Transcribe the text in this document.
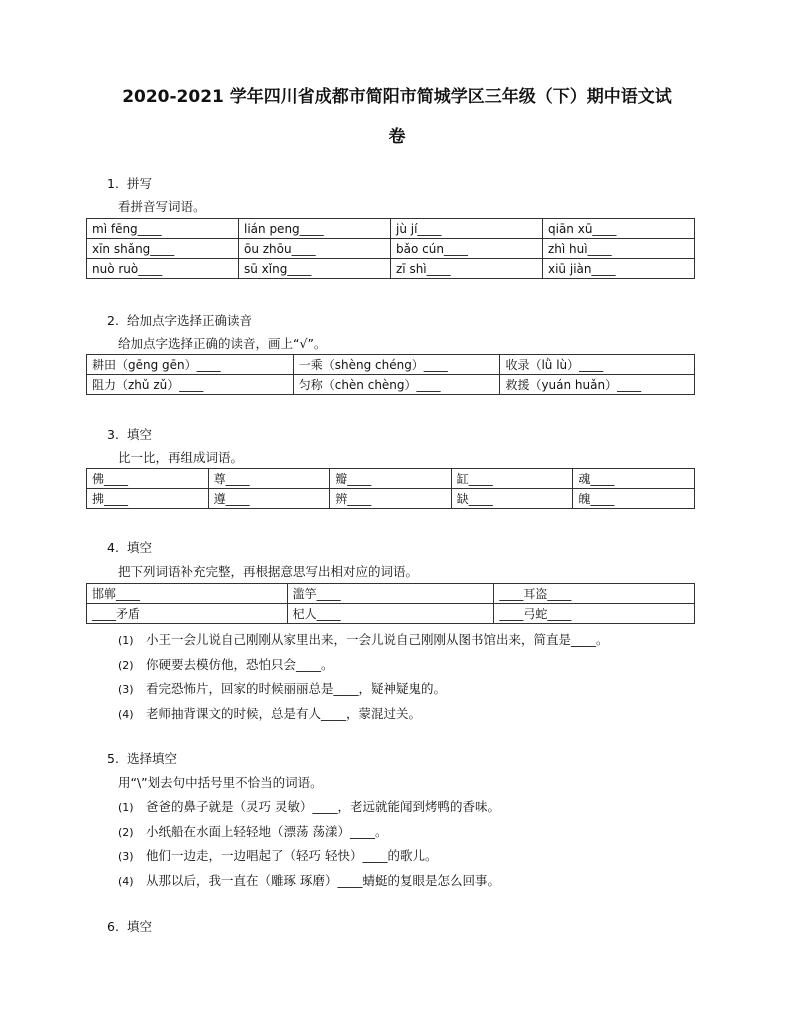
2020-2021 学年四川省成都市简阳市简城学区三年级（下）期中语文试
卷
1. 拼写
看拼音写词语。
mì fēng____	lián peng____	jù jí____	qiān xū____
xīn shǎng____	ōu zhōu____	bǎo cún____	zhì huì____
nuò ruò____	sū xǐng____	zī shì____	xiū jiàn____
2. 给加点字选择正确读音
给加点字选择正确的读音，画上“√”。
耕田（gēng gēn）____	一乘（shèng chéng）____	收录（lǜ lù）____
阻力（zhǔ zǔ）____	匀称（chèn chèng）____	救援（yuán huǎn）____
3. 填空
比一比，再组成词语。
佛____	尊____	瓣____	缸____	魂____
拂____	遵____	辨____	缺____	魄____
4. 填空
把下列词语补充完整，再根据意思写出相对应的词语。
邯郸____	滥竽____	____耳盗____
____矛盾	杞人____	____弓蛇____
(1) 小王一会儿说自己刚刚从家里出来，一会儿说自己刚刚从图书馆出来，简直是____。
(2) 你硬要去模仿他，恐怕只会____。
(3) 看完恐怖片，回家的时候丽丽总是____，疑神疑鬼的。
(4) 老师抽背课文的时候，总是有人____，蒙混过关。
5. 选择填空
用“\”划去句中括号里不恰当的词语。
(1) 爸爸的鼻子就是（灵巧 灵敏）____，老远就能闻到烤鸭的香味。
(2) 小纸船在水面上轻轻地（漂荡 荡漾）____。
(3) 他们一边走，一边唱起了（轻巧 轻快）____的歌儿。
(4) 从那以后，我一直在（雕琢 琢磨）____蜻蜓的复眼是怎么回事。
6. 填空
